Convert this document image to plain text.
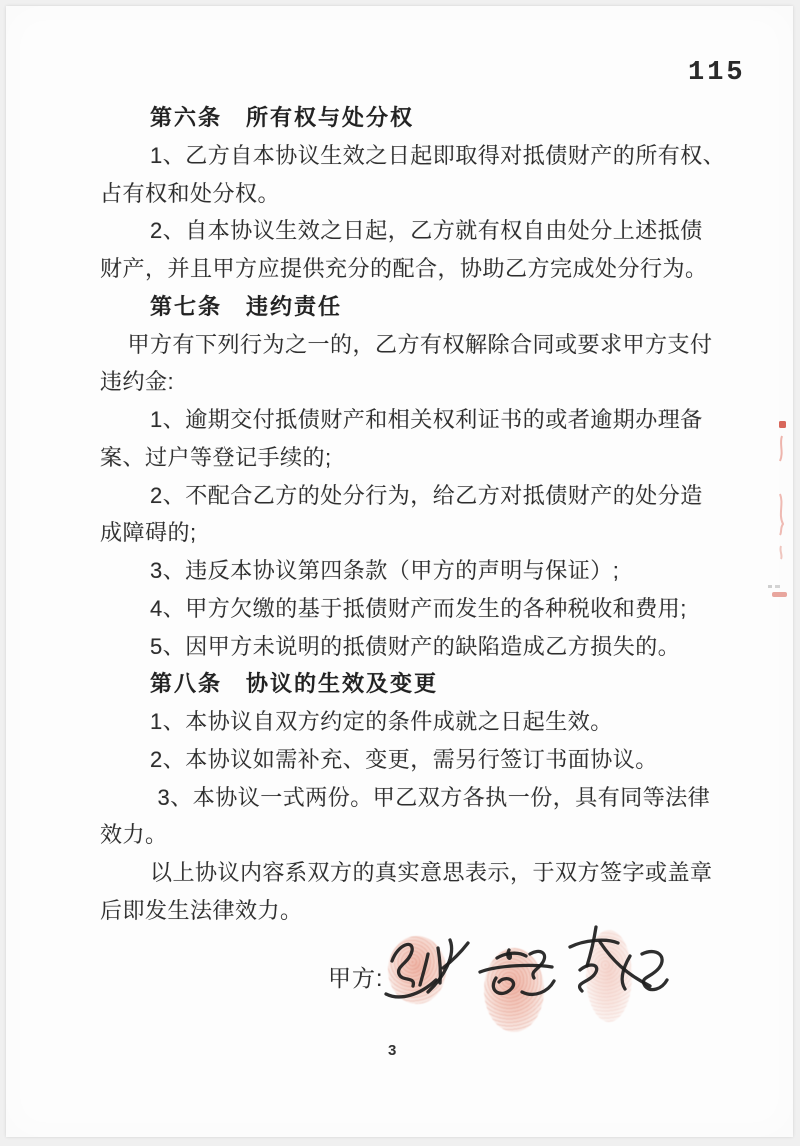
115
第六条　所有权与处分权
1、乙方自本协议生效之日起即取得对抵债财产的所有权、
占有权和处分权。
2、自本协议生效之日起，乙方就有权自由处分上述抵债
财产，并且甲方应提供充分的配合，协助乙方完成处分行为。
第七条　违约责任
甲方有下列行为之一的，乙方有权解除合同或要求甲方支付
违约金:
1、逾期交付抵债财产和相关权利证书的或者逾期办理备
案、过户等登记手续的;
2、不配合乙方的处分行为，给乙方对抵债财产的处分造
成障碍的;
3、违反本协议第四条款（甲方的声明与保证）;
4、甲方欠缴的基于抵债财产而发生的各种税收和费用;
5、因甲方未说明的抵债财产的缺陷造成乙方损失的。
第八条　协议的生效及变更
1、本协议自双方约定的条件成就之日起生效。
2、本协议如需补充、变更，需另行签订书面协议。
3、本协议一式两份。甲乙双方各执一份，具有同等法律
效力。
以上协议内容系双方的真实意思表示，于双方签字或盖章
后即发生法律效力。
甲方:
3
